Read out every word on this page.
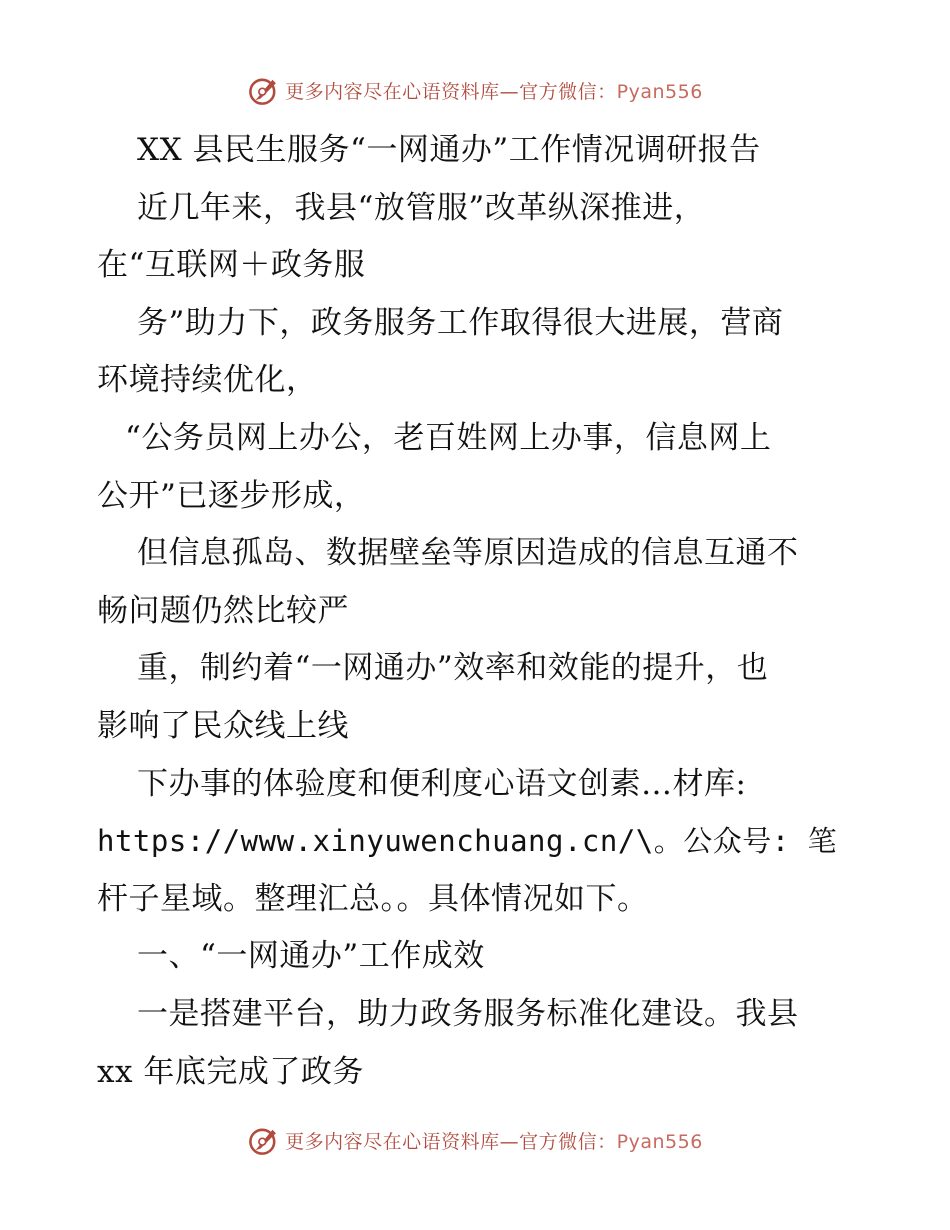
更多内容尽在心语资料库—官方微信：Pyan556
XX 县民生服务“一网通办”工作情况调研报告
近几年来，我县“放管服”改革纵深推进，
在“互联网＋政务服
务”助力下，政务服务工作取得很大进展，营商
环境持续优化，
“公务员网上办公，老百姓网上办事，信息网上
公开”已逐步形成，
但信息孤岛、数据壁垒等原因造成的信息互通不
畅问题仍然比较严
重，制约着“一网通办”效率和效能的提升，也
影响了民众线上线
下办事的体验度和便利度心语文创素…材库:
https://www.xinyuwenchuang.cn/\。公众号: 笔
杆子星域。整理汇总。。具体情况如下。
一、“一网通办”工作成效
一是搭建平台，助力政务服务标准化建设。我县
xx 年底完成了政务
更多内容尽在心语资料库—官方微信：Pyan556
